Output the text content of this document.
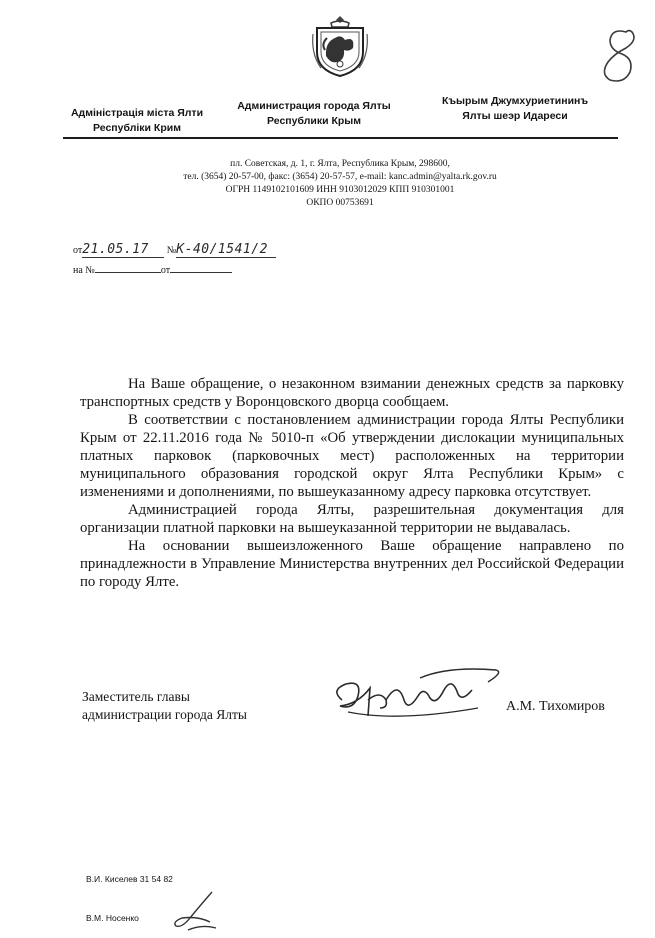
Адміністрація міста Ялти
Республіки Крим
Администрация города Ялты
Республики Крым
Къырым Джумхуриетининъ
Ялты шеэр Идареси
пл. Советская, д. 1, г. Ялта, Республика Крым, 298600,
тел. (3654) 20-57-00, факс: (3654) 20-57-57, e-mail: kanc.admin@yalta.rk.gov.ru
ОГРН 1149102101609 ИНН 9103012029 КПП 910301001
ОКПО 00753691
от21.05.17 №К-40/1541/2
на №	от

На Ваше обращение, о незаконном взимании денежных средств за парковку транспортных средств у Воронцовского дворца сообщаем.

В соответствии с постановлением администрации города Ялты Республики Крым от 22.11.2016 года № 5010-п «Об утверждении дислокации муниципальных платных парковок (парковочных мест) расположенных на территории муниципального образования городской округ Ялта Республики Крым» с изменениями и дополнениями, по вышеуказанному адресу парковка отсутствует.

Администрацией города Ялты, разрешительная документация для организации платной парковки на вышеуказанной территории не выдавалась.

На основании вышеизложенного Ваше обращение направлено по принадлежности в Управление Министерства внутренних дел Российской Федерации по городу Ялте.

Заместитель главы
администрации города Ялты
А.М. Тихомиров
В.И. Киселев 31 54 82
В.М. Носенко
